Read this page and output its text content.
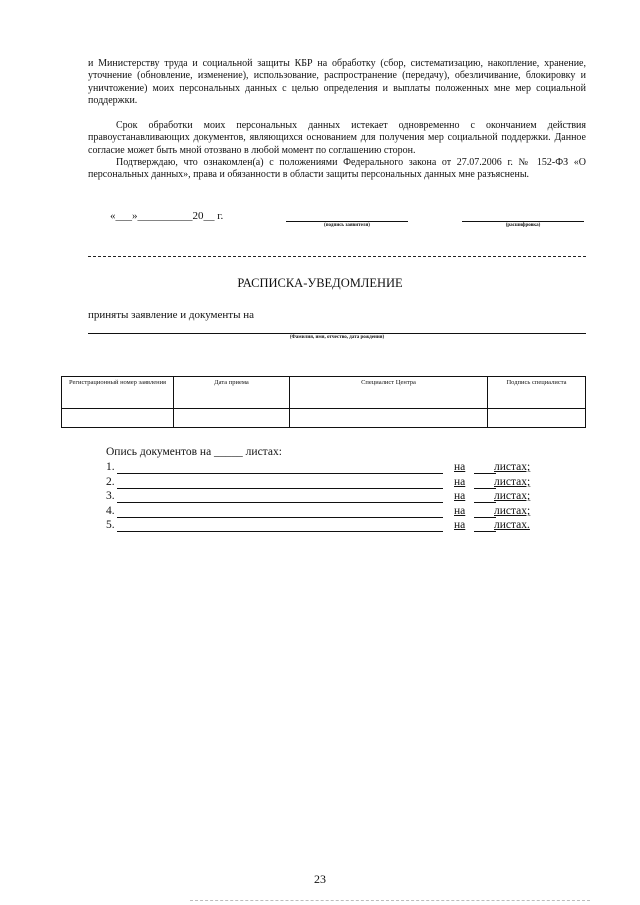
и Министерству труда и социальной защиты КБР на обработку (сбор, систематизацию, накопление, хранение, уточнение (обновление, изменение), использование, распространение (передачу), обезличивание, блокировку и уничтожение) моих персональных данных с целью определения и выплаты положенных мне мер социальной поддержки.

Срок обработки моих персональных данных истекает одновременно с окончанием действия правоустанавливающих документов, являющихся основанием для получения мер социальной поддержки. Данное согласие может быть мной отозвано в любой момент по соглашению сторон.

Подтверждаю, что ознакомлен(а) с положениями Федерального закона от 27.07.2006 г. № 152-ФЗ «О персональных данных», права и обязанности в области защиты персональных данных мне разъяснены.

«___»__________20__ г.
(подпись заявителя)	(расшифровка)
РАСПИСКА-УВЕДОМЛЕНИЕ
приняты заявление и документы на
(Фамилия, имя, отчество, дата рождения)
Регистрационный номер заявления	Дата приема	Специалист Центра	Подпись специалиста

Опись документов на _____ листах:
1.	на листах;
2.	на листах;
3.	на листах;
4.	на листах;
5.	на листах.
23
